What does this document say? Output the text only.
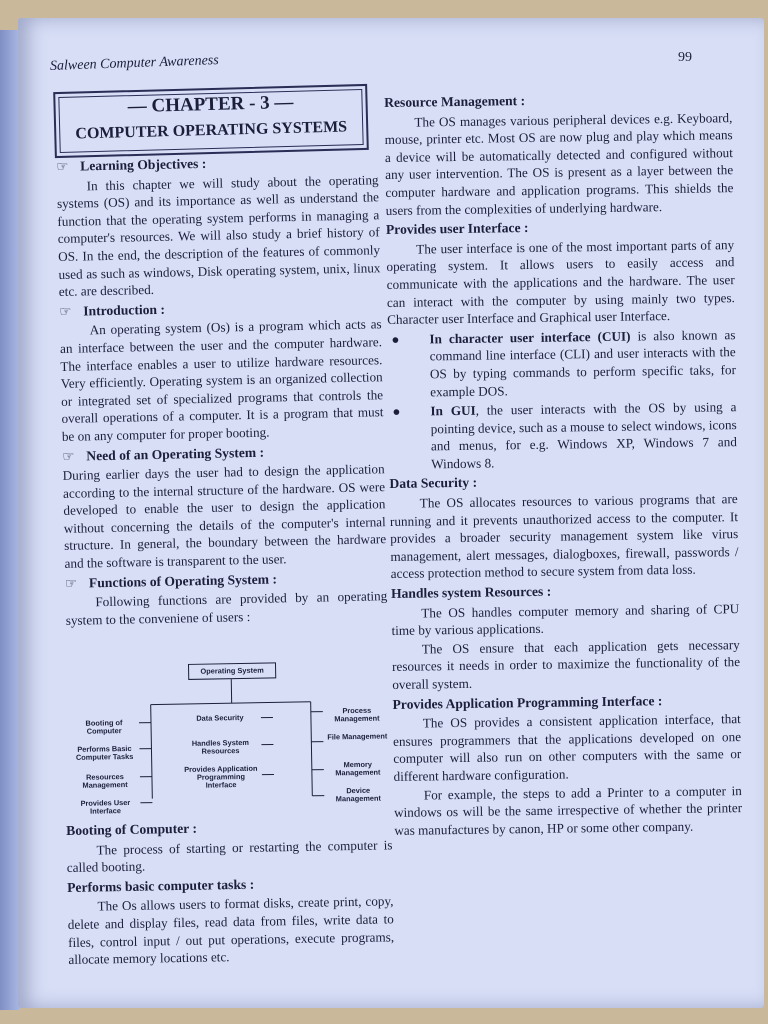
Salween Computer Awareness	99
— CHAPTER - 3 —
COMPUTER OPERATING SYSTEMS
☞ Learning Objectives :

In this chapter we will study about the operating systems (OS) and its importance as well as understand the function that the operating system performs in managing a computer's resources. We will also study a brief history of OS. In the end, the description of the features of commonly used as such as windows, Disk operating system, unix, linux etc. are described.

☞ Introduction :

An operating system (Os) is a program which acts as an interface between the user and the computer hardware. The interface enables a user to utilize hardware resources. Very efficiently. Operating system is an organized collection or integrated set of specialized programs that controls the overall operations of a computer. It is a program that must be on any computer for proper booting.

☞ Need of an Operating System :

During earlier days the user had to design the application according to the internal structure of the hardware. OS were developed to enable the user to design the application without concerning the details of the computer's internal structure. In general, the boundary between the hardware and the software is transparent to the user.

☞ Functions of Operating System :

Following functions are provided by an operating system to the conveniene of users :

Operating System
Booting of Computer
Performs Basic Computer Tasks
Resources Management
Provides User Interface
Data Security
Handles System Resources
Provides Application Programming Interface
Process Management
File Management
Memory Management
Device Management
Booting of Computer :

The process of starting or restarting the computer is called booting.

Performs basic computer tasks :

The Os allows users to format disks, create print, copy, delete and display files, read data from files, write data to files, control input / out put operations, execute programs, allocate memory locations etc.

Resource Management :

The OS manages various peripheral devices e.g. Keyboard, mouse, printer etc. Most OS are now plug and play which means a device will be automatically detected and configured without any user intervention. The OS is present as a layer between the computer hardware and application programs. This shields the users from the complexities of underlying hardware.

Provides user Interface :

The user interface is one of the most important parts of any operating system. It allows users to easily access and communicate with the applications and the hardware. The user can interact with the computer by using mainly two types. Character user Interface and Graphical user Interface.

● In character user interface (CUI) is also known as command line interface (CLI) and user interacts with the OS by typing commands to perform specific taks, for example DOS.
● In GUI, the user interacts with the OS by using a pointing device, such as a mouse to select windows, icons and menus, for e.g. Windows XP, Windows 7 and Windows 8.
Data Security :

The OS allocates resources to various programs that are running and it prevents unauthorized access to the computer. It provides a broader security management system like virus management, alert messages, dialogboxes, firewall, passwords / access protection method to secure system from data loss.

Handles system Resources :

The OS handles computer memory and sharing of CPU time by various applications.

The OS ensure that each application gets necessary resources it needs in order to maximize the functionality of the overall system.

Provides Application Programming Interface :

The OS provides a consistent application interface, that ensures programmers that the applications developed on one computer will also run on other computers with the same or different hardware configuration.

For example, the steps to add a Printer to a computer in windows os will be the same irrespective of whether the printer was manufactures by canon, HP or some other company.
